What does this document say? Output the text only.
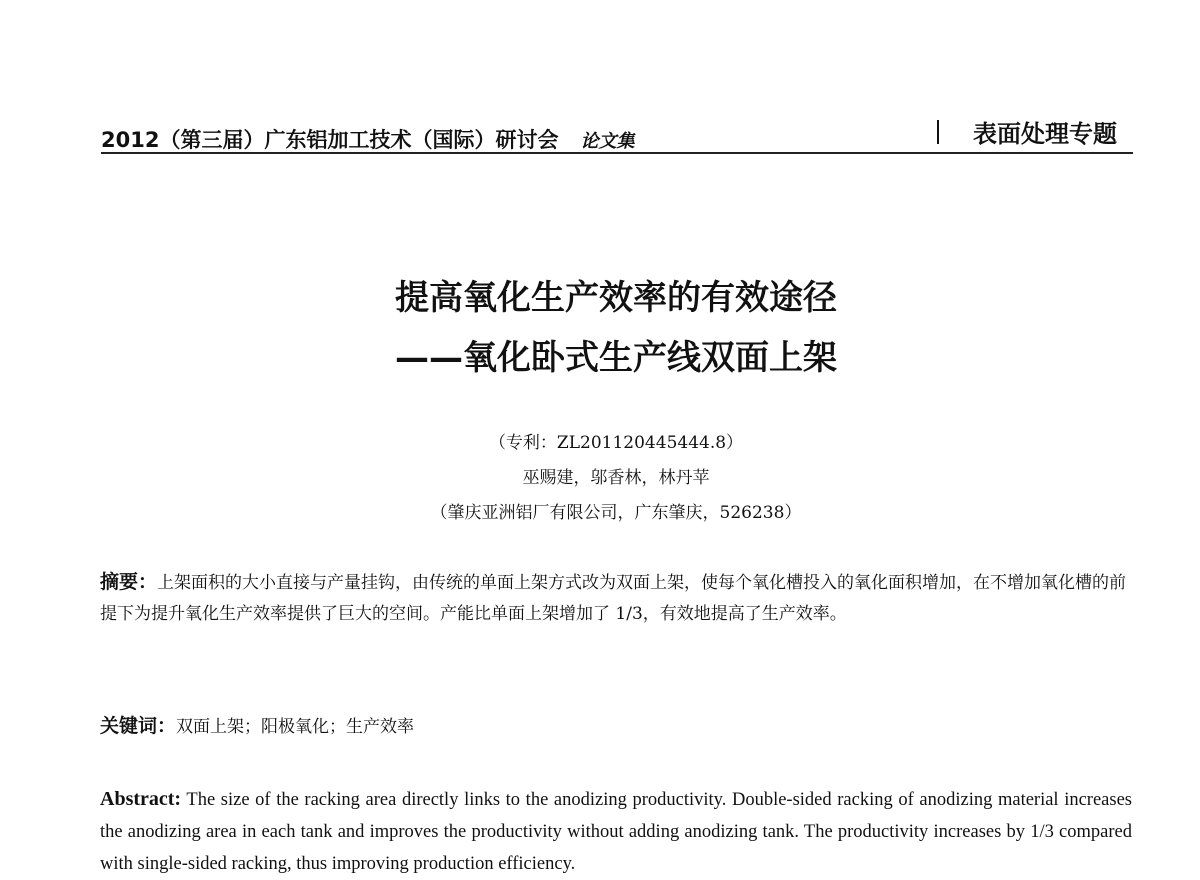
2012（第三届）广东铝加工技术（国际）研讨会 论文集	表面处理专题
提高氧化生产效率的有效途径
——氧化卧式生产线双面上架
（专利：ZL201120445444.8）
巫赐建，邬香林，林丹苹
（肇庆亚洲铝厂有限公司，广东肇庆，526238）
摘要：上架面积的大小直接与产量挂钩，由传统的单面上架方式改为双面上架，使每个氧化槽投入的氧化面积增加，在不增加氧化槽的前提下为提升氧化生产效率提供了巨大的空间。产能比单面上架增加了 1/3，有效地提高了生产效率。
关键词：双面上架；阳极氧化；生产效率
Abstract: The size of the racking area directly links to the anodizing productivity. Double-sided racking of anodizing material increases the anodizing area in each tank and improves the productivity without adding anodizing tank. The productivity increases by 1/3 compared with single-sided racking, thus improving production efficiency.
